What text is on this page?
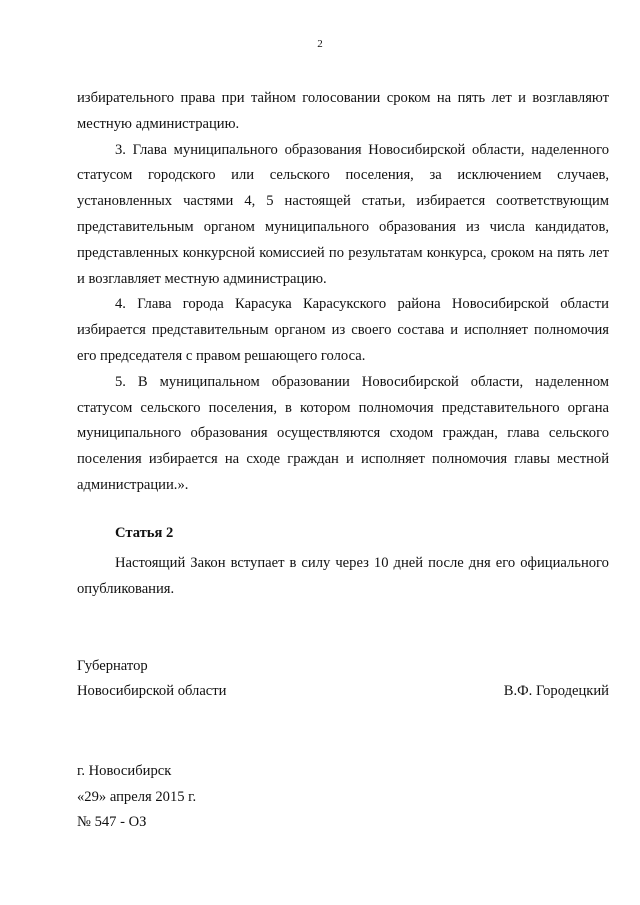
2

избирательного права при тайном голосовании сроком на пять лет и возглавляют местную администрацию.

3. Глава муниципального образования Новосибирской области, наделенного статусом городского или сельского поселения, за исключением случаев, установленных частями 4, 5 настоящей статьи, избирается соответствующим представительным органом муниципального образования из числа кандидатов, представленных конкурсной комиссией по результатам конкурса, сроком на пять лет и возглавляет местную администрацию.

4. Глава города Карасука Карасукского района Новосибирской области избирается представительным органом из своего состава и исполняет полномочия его председателя с правом решающего голоса.

5. В муниципальном образовании Новосибирской области, наделенном статусом сельского поселения, в котором полномочия представительного органа муниципального образования осуществляются сходом граждан, глава сельского поселения избирается на сходе граждан и исполняет полномочия главы местной администрации.».

Статья 2

Настоящий Закон вступает в силу через 10 дней после дня его официального опубликования.

Губернатор
Новосибирской области	В.Ф. Городецкий
г. Новосибирск
«29» апреля 2015 г.
№ 547 - ОЗ
